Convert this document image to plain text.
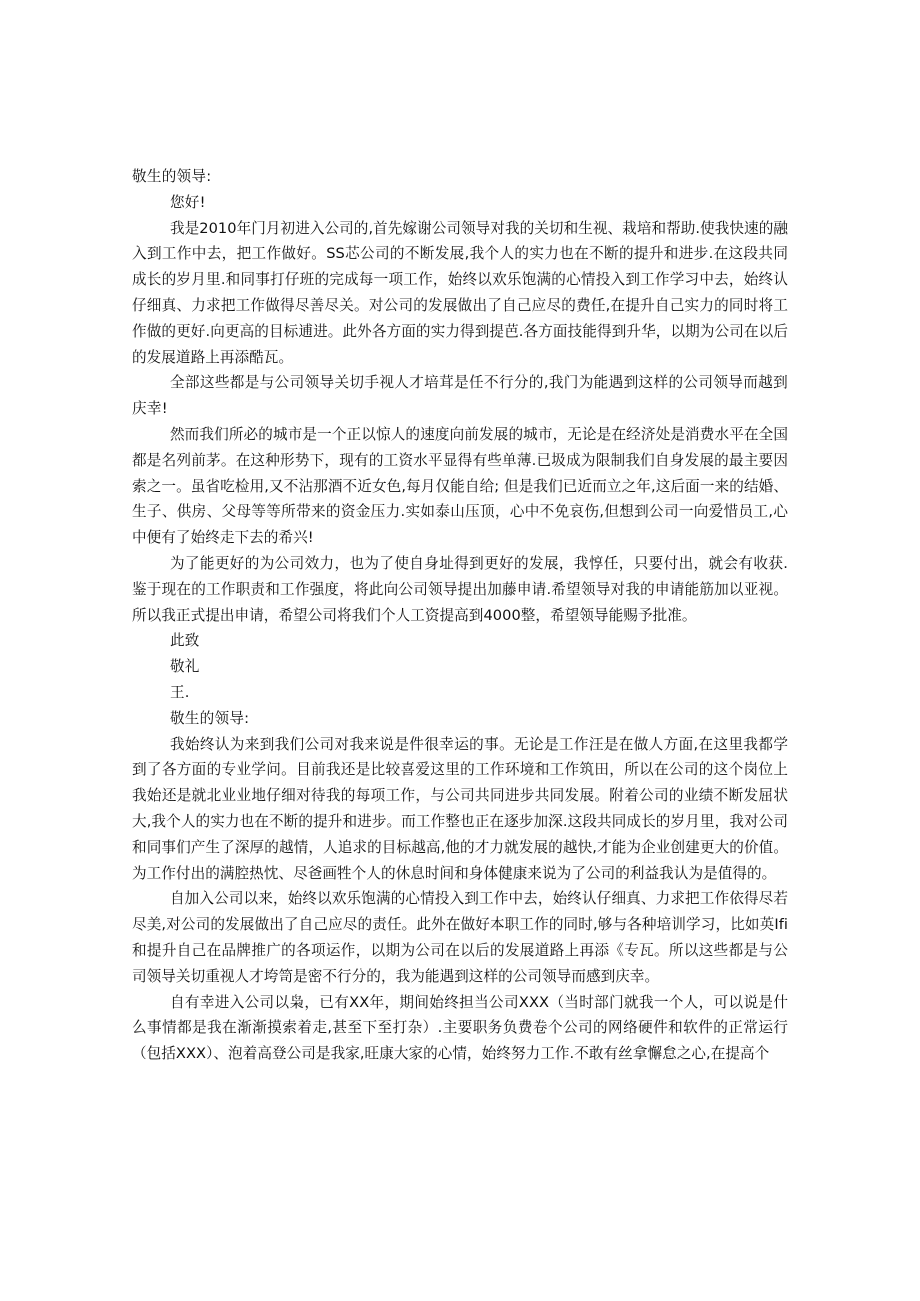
敬生的领导:

您好!

我是2010年门月初进入公司的,首先嫁谢公司领导对我的关切和生视、栽培和帮助.使我快速的融入到工作中去，把工作做好。SS芯公司的不断发展,我个人的实力也在不断的提升和进步.在这段共同成长的岁月里.和同事打仔班的完成每一项工作，始终以欢乐饱满的心情投入到工作学习中去，始终认仔细真、力求把工作做得尽善尽关。对公司的发展做出了自己应尽的费任,在提升自己实力的同时将工作做的更好.向更高的目标逋进。此外各方面的实力得到提芭.各方面技能得到升华，以期为公司在以后的发展道路上再添酷瓦。

全部这些都是与公司领导关切手视人才培茸是任不行分的,我门为能遇到这样的公司领导而越到庆幸!

然而我们所必的城市是一个正以惊人的速度向前发展的城市，无论是在经济处是消费水平在全国都是名列前茅。在这种形势下，现有的工资水平显得有些单薄.已圾成为限制我们自身发展的最主要因索之一。虽省吃检用,又不沾那酒不近女色,每月仅能自给; 但是我们已近而立之年,这后面一来的结婚、生子、供房、父母等等所带来的资金压力.实如泰山压顶，心中不免哀伤,但想到公司一向爱惜员工,心中便有了始终走下去的希兴!

为了能更好的为公司效力，也为了使自身址得到更好的发展，我惇任，只要付出，就会有收获.鉴于现在的工作职责和工作强度，将此向公司领导提出加藤申请.希望领导对我的申请能筋加以亚视。所以我正式提出申请，希望公司将我们个人工资提高到4000整，希望领导能赐予批准。

此致

敬礼

王.

敬生的领导:

我始终认为来到我们公司对我来说是件很幸运的事。无论是工作汪是在做人方面,在这里我都学到了各方面的专业学问。目前我还是比较喜爱这里的工作环境和工作筑田，所以在公司的这个岗位上我始还是就北业业地仔细对待我的每项工作，与公司共同进步共同发展。附着公司的业绩不断发屈状大,我个人的实力也在不断的提升和进步。而工作整也正在逐步加深.这段共同成长的岁月里，我对公司和同事们产生了深厚的越情，人追求的目标越高,他的才力就发展的越快,才能为企业创建更大的价值。为工作付出的满腔热忱、尽爸画牲个人的休息时间和身体健康来说为了公司的利益我认为是值得的。

自加入公司以来，始终以欢乐饱满的心情投入到工作中去，始终认仔细真、力求把工作依得尽若尽美,对公司的发展做出了自己应尽的责任。此外在做好本职工作的同时,够与各种培训学习，比如英Ifi和提升自己在品牌推广的各项运作，以期为公司在以后的发展道路上再添《专瓦。所以这些都是与公司领导关切重视人才垮笥是密不行分的，我为能遇到这样的公司领导而感到庆幸。

自有幸进入公司以枭，已有XX年，期间始终担当公司XXX（当时部门就我一个人，可以说是什么事情都是我在渐渐摸索着走,甚至下至打杂）.主要职务负费卷个公司的网络硬件和软件的正常运行（包括XXX）、泡着高登公司是我家,旺康大家的心情，始终努力工作.不敢有丝拿懈怠之心,在提高个
